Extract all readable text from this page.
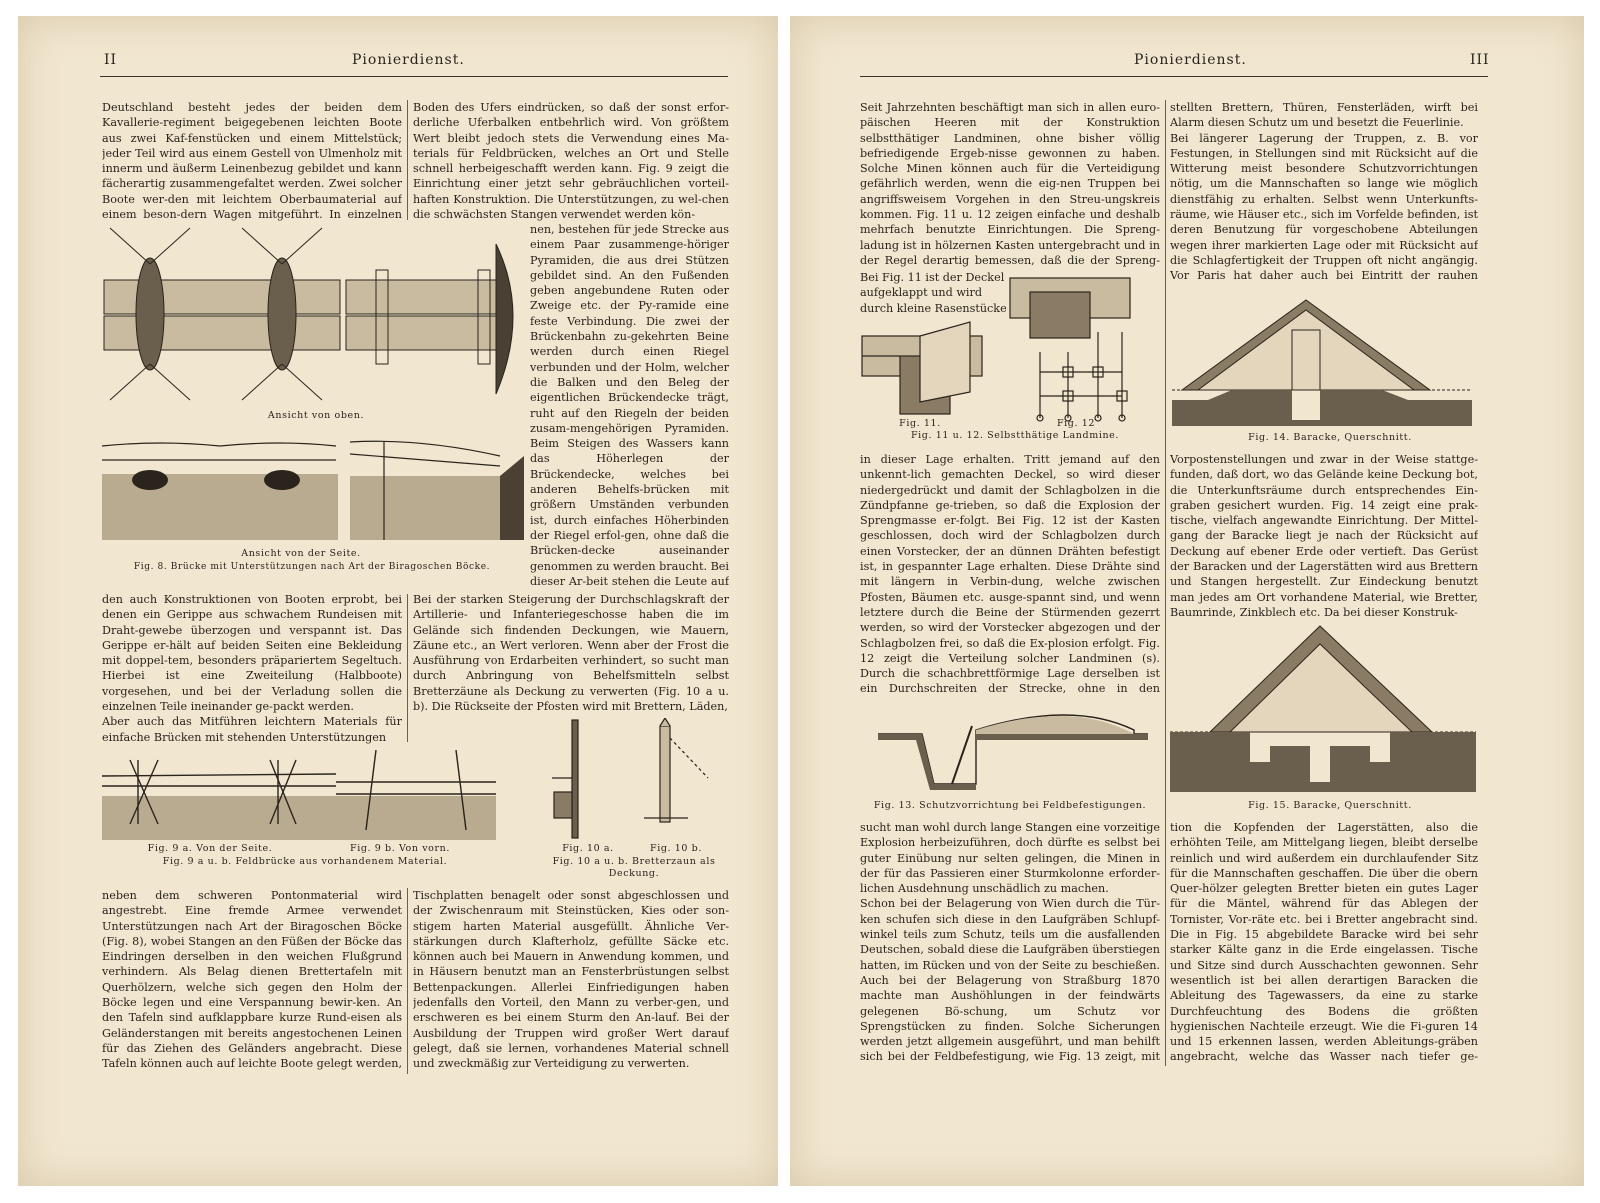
II	Pionierdienst.

Deutschland besteht jedes der beiden dem Kavallerie-regiment beigegebenen leichten Boote aus zwei Kaf-fenstücken und einem Mittelstück; jeder Teil wird aus einem Gestell von Ulmenholz mit innerm und äußerm Leinenbezug gebildet und kann fächerartig zusammengefaltet werden. Zwei solcher Boote wer-den mit leichtem Oberbaumaterial auf einem beson-dern Wagen mitgeführt. In einzelnen

Boden des Ufers eindrücken, so daß der sonst erfor-derliche Uferbalken entbehrlich wird. Von größtem Wert bleibt jedoch stets die Verwendung eines Ma-terials für Feldbrücken, welches an Ort und Stelle schnell herbeigeschafft werden kann. Fig. 9 zeigt die Einrichtung einer jetzt sehr gebräuchlichen vorteil-haften Konstruktion. Die Unterstützungen, zu wel-chen die schwächsten Stangen verwendet werden kön-

nen, bestehen für jede Strecke aus einem Paar zusammenge-höriger Pyramiden, die aus drei Stützen gebildet sind. An den Fußenden geben angebundene Ruten oder Zweige etc. der Py-ramide eine feste Verbindung. Die zwei der Brückenbahn zu-gekehrten Beine werden durch einen Riegel verbunden und der Holm, welcher die Balken und den Beleg der eigentlichen Brückendecke trägt, ruht auf den Riegeln der beiden zusam-mengehörigen Pyramiden. Beim Steigen des Wassers kann das Höherlegen der Brückendecke, welches bei anderen Behelfs-brücken mit größern Umständen verbunden ist, durch einfaches Höherbinden der Riegel erfol-gen, ohne daß die Brücken-decke auseinander genommen zu werden braucht. Bei dieser Ar-beit stehen die Leute auf

Ansicht von oben.
Ansicht von der Seite.
Fig. 8. Brücke mit Unterstützungen nach Art der Biragoschen Böcke.

den auch Konstruktionen von Booten erprobt, bei denen ein Gerippe aus schwachem Rundeisen mit Draht-gewebe überzogen und verspannt ist. Das Gerippe er-hält auf beiden Seiten eine Bekleidung mit doppel-tem, besonders präpariertem Segeltuch. Hierbei ist eine Zweiteilung (Halbboote) vorgesehen, und bei der Verladung sollen die einzelnen Teile ineinander ge-packt werden.
Aber auch das Mitführen leichtern Materials für einfache Brücken mit stehenden Unterstützungen

Bei der starken Steigerung der Durchschlagskraft der Artillerie- und Infanteriegeschosse haben die im Gelände sich findenden Deckungen, wie Mauern, Zäune etc., an Wert verloren. Wenn aber der Frost die Ausführung von Erdarbeiten verhindert, so sucht man durch Anbringung von Behelfsmitteln selbst Bretterzäune als Deckung zu verwerten (Fig. 10 a u. b). Die Rückseite der Pfosten wird mit Brettern, Läden,

Fig. 9 a. Von der Seite.	Fig. 9 b. Von vorn.
Fig. 9 a u. b. Feldbrücke aus vorhandenem Material.
Fig. 10 a.	Fig. 10 b.
Fig. 10 a u. b. Bretterzaun als Deckung.

neben dem schweren Pontonmaterial wird angestrebt. Eine fremde Armee verwendet Unterstützungen nach Art der Biragoschen Böcke (Fig. 8), wobei Stangen an den Füßen der Böcke das Eindringen derselben in den weichen Flußgrund verhindern. Als Belag dienen Brettertafeln mit Querhölzern, welche sich gegen den Holm der Böcke legen und eine Verspannung bewir-ken. An den Tafeln sind aufklappbare kurze Rund-eisen als Geländerstangen mit bereits angestochenen Leinen für das Ziehen des Geländers angebracht. Diese Tafeln können auch auf leichte Boote gelegt werden,

Tischplatten benagelt oder sonst abgeschlossen und der Zwischenraum mit Steinstücken, Kies oder son-stigem harten Material ausgefüllt. Ähnliche Ver-stärkungen durch Klafterholz, gefüllte Säcke etc. können auch bei Mauern in Anwendung kommen, und in Häusern benutzt man an Fensterbrüstungen selbst Bettenpackungen. Allerlei Einfriedigungen haben jedenfalls den Vorteil, den Mann zu verber-gen, und erschweren es bei einem Sturm den An-lauf. Bei der Ausbildung der Truppen wird großer Wert darauf gelegt, daß sie lernen, vorhandenes Material schnell und zweckmäßig zur Verteidigung zu verwerten.

Pionierdienst.	III

Seit Jahrzehnten beschäftigt man sich in allen euro-päischen Heeren mit der Konstruktion selbstthätiger Landminen, ohne bisher völlig befriedigende Ergeb-nisse gewonnen zu haben. Solche Minen können auch für die Verteidigung gefährlich werden, wenn die eig-nen Truppen bei angriffsweisem Vorgehen in den Streu-ungskreis kommen. Fig. 11 u. 12 zeigen einfache und deshalb mehrfach benutzte Einrichtungen. Die Spreng-ladung ist in hölzernen Kasten untergebracht und in der Regel derartig bemessen, daß die der Spreng-

Bei Fig. 11 ist der Deckel aufgeklappt und wird durch kleine Rasenstücke

Fig. 11.	Fig. 12
Fig. 11 u. 12. Selbstthätige Landmine.

in dieser Lage erhalten. Tritt jemand auf den unkennt-lich gemachten Deckel, so wird dieser niedergedrückt und damit der Schlagbolzen in die Zündpfanne ge-trieben, so daß die Explosion der Sprengmasse er-folgt. Bei Fig. 12 ist der Kasten geschlossen, doch wird der Schlagbolzen durch einen Vorstecker, der an dünnen Drähten befestigt ist, in gespannter Lage erhalten. Diese Drähte sind mit längern in Verbin-dung, welche zwischen Pfosten, Bäumen etc. ausge-spannt sind, und wenn letztere durch die Beine der Stürmenden gezerrt werden, so wird der Vorstecker abgezogen und der Schlagbolzen frei, so daß die Ex-plosion erfolgt. Fig. 12 zeigt die Verteilung solcher Landminen (s). Durch die schachbrettförmige Lage derselben ist ein Durchschreiten der Strecke, ohne in den

Fig. 13. Schutzvorrichtung bei Feldbefestigungen.

sucht man wohl durch lange Stangen eine vorzeitige Explosion herbeizuführen, doch dürfte es selbst bei guter Einübung nur selten gelingen, die Minen in der für das Passieren einer Sturmkolonne erforder-lichen Ausdehnung unschädlich zu machen.
Schon bei der Belagerung von Wien durch die Tür-ken schufen sich diese in den Laufgräben Schlupf-winkel teils zum Schutz, teils um die ausfallenden Deutschen, sobald diese die Laufgräben überstiegen hatten, im Rücken und von der Seite zu beschießen. Auch bei der Belagerung von Straßburg 1870 machte man Aushöhlungen in der feindwärts gelegenen Bö-schung, um Schutz vor Sprengstücken zu finden. Solche Sicherungen werden jetzt allgemein ausgeführt, und man behilft sich bei der Feldbefestigung, wie Fig. 13 zeigt, mit

stellten Brettern, Thüren, Fensterläden, wirft bei Alarm diesen Schutz um und besetzt die Feuerlinie.
Bei längerer Lagerung der Truppen, z. B. vor Festungen, in Stellungen sind mit Rücksicht auf die Witterung meist besondere Schutzvorrichtungen nötig, um die Mannschaften so lange wie möglich dienstfähig zu erhalten. Selbst wenn Unterkunfts-räume, wie Häuser etc., sich im Vorfelde befinden, ist deren Benutzung für vorgeschobene Abteilungen wegen ihrer markierten Lage oder mit Rücksicht auf die Schlagfertigkeit der Truppen oft nicht angängig. Vor Paris hat daher auch bei Eintritt der rauhen

Fig. 14. Baracke, Querschnitt.

Vorpostenstellungen und zwar in der Weise stattge-funden, daß dort, wo das Gelände keine Deckung bot, die Unterkunftsräume durch entsprechendes Ein-graben gesichert wurden. Fig. 14 zeigt eine prak-tische, vielfach angewandte Einrichtung. Der Mittel-gang der Baracke liegt je nach der Rücksicht auf Deckung auf ebener Erde oder vertieft. Das Gerüst der Baracken und der Lagerstätten wird aus Brettern und Stangen hergestellt. Zur Eindeckung benutzt man jedes am Ort vorhandene Material, wie Bretter, Baumrinde, Zinkblech etc. Da bei dieser Konstruk-

Fig. 15. Baracke, Querschnitt.

tion die Kopfenden der Lagerstätten, also die erhöhten Teile, am Mittelgang liegen, bleibt derselbe reinlich und wird außerdem ein durchlaufender Sitz für die Mannschaften geschaffen. Die über die obern Quer-hölzer gelegten Bretter bieten ein gutes Lager für die Mäntel, während für das Ablegen der Tornister, Vor-räte etc. bei i Bretter angebracht sind. Die in Fig. 15 abgebildete Baracke wird bei sehr starker Kälte ganz in die Erde eingelassen. Tische und Sitze sind durch Ausschachten gewonnen. Sehr wesentlich ist bei allen derartigen Baracken die Ableitung des Tagewassers, da eine zu starke Durchfeuchtung des Bodens die größten hygienischen Nachteile erzeugt. Wie die Fi-guren 14 und 15 erkennen lassen, werden Ableitungs-gräben angebracht, welche das Wasser nach tiefer ge-
